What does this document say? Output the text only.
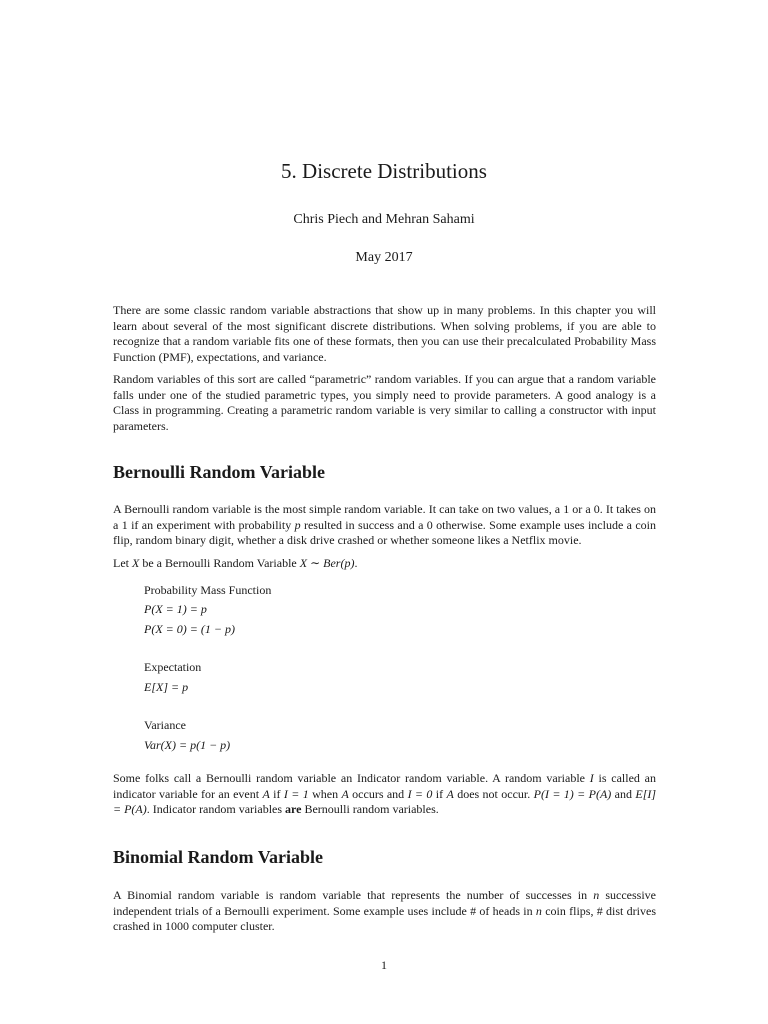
5. Discrete Distributions
Chris Piech and Mehran Sahami
May 2017

There are some classic random variable abstractions that show up in many problems. In this chapter you will learn about several of the most significant discrete distributions. When solving problems, if you are able to recognize that a random variable fits one of these formats, then you can use their precalculated Probability Mass Function (PMF), expectations, and variance.

Random variables of this sort are called “parametric” random variables. If you can argue that a random variable falls under one of the studied parametric types, you simply need to provide parameters. A good analogy is a Class in programming. Creating a parametric random variable is very similar to calling a constructor with input parameters.

Bernoulli Random Variable

A Bernoulli random variable is the most simple random variable. It can take on two values, a 1 or a 0. It takes on a 1 if an experiment with probability p resulted in success and a 0 otherwise. Some example uses include a coin flip, random binary digit, whether a disk drive crashed or whether someone likes a Netflix movie.

Let X be a Bernoulli Random Variable X ∼ Ber(p).

Probability Mass Function
P(X = 1) = p
P(X = 0) = (1 − p)
Expectation
E[X] = p
Variance
Var(X) = p(1 − p)

Some folks call a Bernoulli random variable an Indicator random variable. A random variable I is called an indicator variable for an event A if I = 1 when A occurs and I = 0 if A does not occur. P(I = 1) = P(A) and E[I] = P(A). Indicator random variables are Bernoulli random variables.

Binomial Random Variable

A Binomial random variable is random variable that represents the number of successes in n successive independent trials of a Bernoulli experiment. Some example uses include # of heads in n coin flips, # dist drives crashed in 1000 computer cluster.

1
